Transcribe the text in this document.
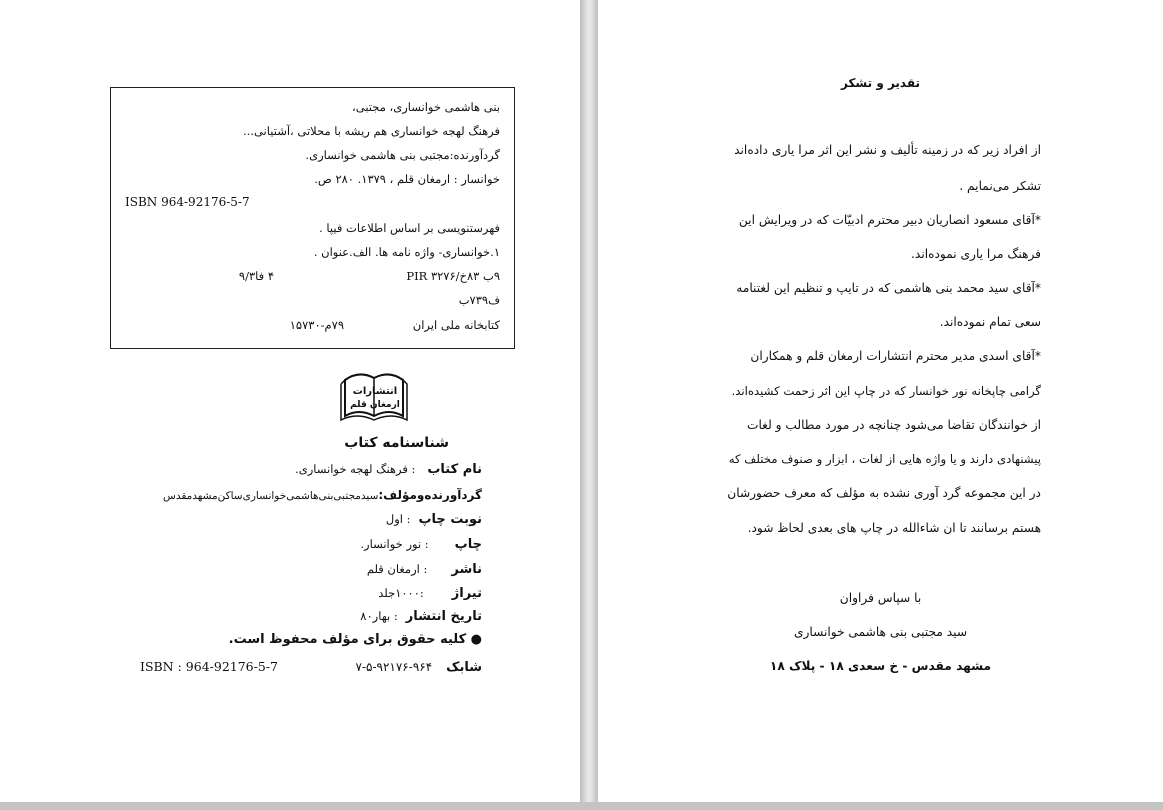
بنی هاشمی خوانساری، مجتبی،
فرهنگ لهجه خوانساری هم ریشه با محلاتی ،آشتیانی...
گردآورنده:مجتبی بنی هاشمی خوانساری.
خوانسار : ارمغان قلم ، ۱۳۷۹. ۲۸۰ ص.
ISBN 964-92176-5-7
فهرستنویسی بر اساس اطلاعات فیپا .
۱.خوانساری- واژه نامه ها. الف.عنوان .
۹ب ۸۳خ/۳۲۷۶ PIR
۴ فا۹/۳
ف۷۳۹ب
کتابخانه ملی ایران
۷۹م-۱۵۷۳۰
انتشارات
ارمغان قلم
شناسنامه کتاب
نام کتاب : فرهنگ لهجه خوانساری.
گردآورنده‌ومؤلف:سیدمجتبی‌بنی‌هاشمی‌خوانساری‌ساکن‌مشهدمقدس
نوبت چاپ : اول
چاپ : نور خوانسار.
ناشر : ارمغان قلم
تیراژ :۱۰۰۰جلد
تاریخ انتشار : بهار۸۰
● کلیه حقوق برای مؤلف محفوظ است.
شابک ۹۶۴-۹۲۱۷۶-۵-۷
ISBN : 964-92176-5-7
تقدیر و تشکر
از افراد زیر که در زمینه تألیف و نشر این اثر مرا یاری داده‌اند
تشکر می‌نمایم .
*آقای مسعود انصاریان دبیر محترم ادبیّات که در ویرایش این
فرهنگ مرا یاری نموده‌اند.
*آقای سید محمد بنی هاشمی که در تایپ و تنظیم این لغتنامه
سعی تمام نموده‌اند.
*آقای اسدی مدیر محترم انتشارات ارمغان قلم و همکاران
گرامی چاپخانه نور خوانسار که در چاپ این اثر زحمت کشیده‌اند.
از خوانندگان تقاضا می‌شود چنانچه در مورد مطالب و لغات
پیشنهادی دارند و یا واژه هایی از لغات ، ابزار و صنوف مختلف که
در این مجموعه گرد آوری نشده به مؤلف که معرف حضورشان
هستم برسانند تا ان شاءالله در چاپ های بعدی لحاظ شود.
با سپاس فراوان
سید مجتبی بنی هاشمی خوانساری
مشهد مقدس - خ سعدی ۱۸ - پلاک ۱۸
